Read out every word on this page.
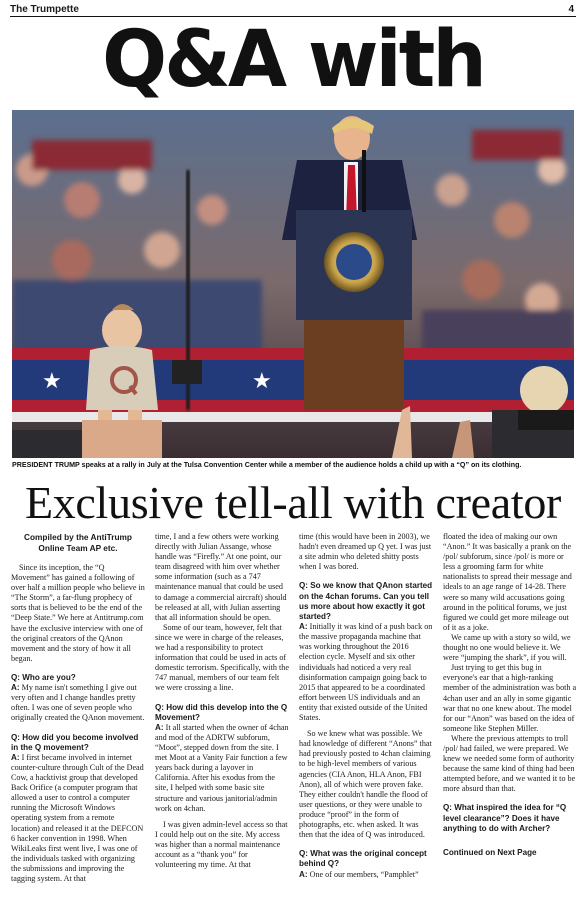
The Trumpette	4
Q&A with
★	★
PRESIDENT TRUMP speaks at a rally in July at the Tulsa Convention Center while a member of the audience holds a child up with a “Q” on its clothing.
Exclusive tell-all with creator
Compiled by the AntiTrump
Online Team AP etc.

Since its inception, the “Q Movement” has gained a following of over half a million people who believe in “The Storm”, a far-flung prophecy of sorts that is believed to be the end of the “Deep State.” We here at Antitrump.com have the exclusive interview with one of the original creators of the QAnon movement and the story of how it all began.

Q: Who are you?

A: My name isn't something I give out very often and I change handles pretty often. I was one of seven people who originally created the QAnon movement.

Q: How did you become involved in the Q movement?

A: I first became involved in internet counter-culture through Cult of the Dead Cow, a hacktivist group that developed Back Orifice (a computer program that allowed a user to control a computer running the Microsoft Windows operating system from a remote location) and released it at the DEFCON 6 hacker convention in 1998. When WikiLeaks first went live, I was one of the individuals tasked with organizing the submissions and improving the tagging system. At that

time, I and a few others were working directly with Julian Assange, whose handle was “Firefly.” At one point, our team disagreed with him over whether some information (such as a 747 maintenance manual that could be used to damage a commercial aircraft) should be released at all, with Julian asserting that all information should be open.

Some of our team, however, felt that since we were in charge of the releases, we had a responsibility to protect information that could be used in acts of domestic terrorism. Specifically, with the 747 manual, members of our team felt we were crossing a line.

Q: How did this develop into the Q Movement?

A: It all started when the owner of 4chan and mod of the ADRTW subforum, “Moot”, stepped down from the site. I met Moot at a Vanity Fair function a few years back during a layover in California. After his exodus from the site, I helped with some basic site structure and various janitorial/admin work on 4chan.

I was given admin-level access so that I could help out on the site. My access was higher than a normal maintenance account as a “thank you” for volunteering my time. At that

time (this would have been in 2003), we hadn't even dreamed up Q yet. I was just a site admin who deleted shitty posts when I was bored.

Q: So we know that QAnon started on the 4chan forums. Can you tell us more about how exactly it got started?

A: Initially it was kind of a push back on the massive propaganda machine that was working throughout the 2016 election cycle. Myself and six other individuals had noticed a very real disinformation campaign going back to 2015 that appeared to be a coordinated effort between US individuals and an entity that existed outside of the United States.

So we knew what was possible. We had knowledge of different “Anons” that had previously posted to 4chan claiming to be high-level members of various agencies (CIA Anon, HLA Anon, FBI Anon), all of which were proven fake. They either couldn't handle the flood of user questions, or they were unable to produce “proof” in the form of photographs, etc. when asked. It was then that the idea of Q was introduced.

Q: What was the original concept behind Q?

A: One of our members, “Pamphlet”

floated the idea of making our own “Anon.” It was basically a prank on the /pol/ subforum, since /pol/ is more or less a grooming farm for white nationalists to spread their message and ideals to an age range of 14-28. There were so many wild accusations going around in the political forums, we just figured we could get more mileage out of it as a joke.

We came up with a story so wild, we thought no one would believe it. We were “jumping the shark”, if you will.

Just trying to get this bug in everyone's ear that a high-ranking member of the administration was both a 4chan user and an ally in some gigantic war that no one knew about. The model for our “Anon” was based on the idea of someone like Stephen Miller.

Where the previous attempts to troll /pol/ had failed, we were prepared. We knew we needed some form of authority because the same kind of thing had been attempted before, and we wanted it to be more absurd than that.

Q: What inspired the idea for “Q level clearance”? Does it have anything to do with Archer?

Continued on Next Page
